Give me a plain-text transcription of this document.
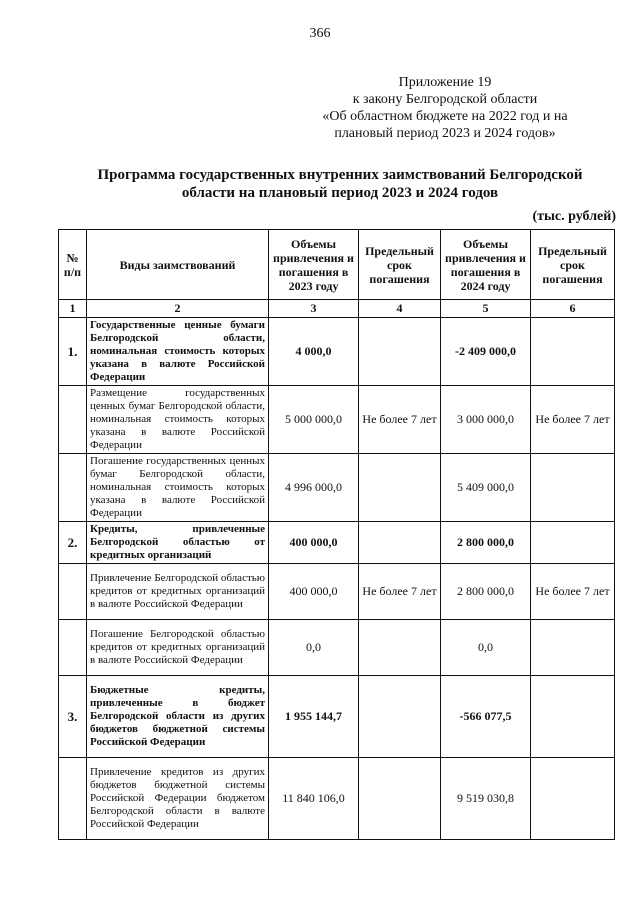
366
Приложение 19
к закону Белгородской области
«Об областном бюджете на 2022 год и на
плановый период 2023 и 2024 годов»
Программа государственных внутренних заимствований Белгородской
области на плановый период 2023 и 2024 годов
(тыс. рублей)
№ п/п	Виды заимствований	Объемы привлечения и погашения в 2023 году	Предельный срок погашения	Объемы привлечения и погашения в 2024 году	Предельный срок погашения
1	2	3	4	5	6
1.	Государственные ценные бумаги Белгородской области, номинальная стоимость которых указана в валюте Российской Федерации	4 000,0		-2 409 000,0	
	Размещение государственных ценных бумаг Белгородской области, номинальная стоимость которых указана в валюте Российской Федерации	5 000 000,0	Не более 7 лет	3 000 000,0	Не более 7 лет
	Погашение государственных ценных бумаг Белгородской области, номинальная стоимость которых указана в валюте Российской Федерации	4 996 000,0		5 409 000,0	
2.	Кредиты, привлеченные Белгородской областью от кредитных организаций	400 000,0		2 800 000,0	
	Привлечение Белгородской областью кредитов от кредитных организаций в валюте Российской Федерации	400 000,0	Не более 7 лет	2 800 000,0	Не более 7 лет
	Погашение Белгородской областью кредитов от кредитных организаций в валюте Российской Федерации	0,0		0,0	
3.	Бюджетные кредиты, привлеченные в бюджет Белгородской области из других бюджетов бюджетной системы Российской Федерации	1 955 144,7		-566 077,5	
	Привлечение кредитов из других бюджетов бюджетной системы Российской Федерации бюджетом Белгородской области в валюте Российской Федерации	11 840 106,0		9 519 030,8	
